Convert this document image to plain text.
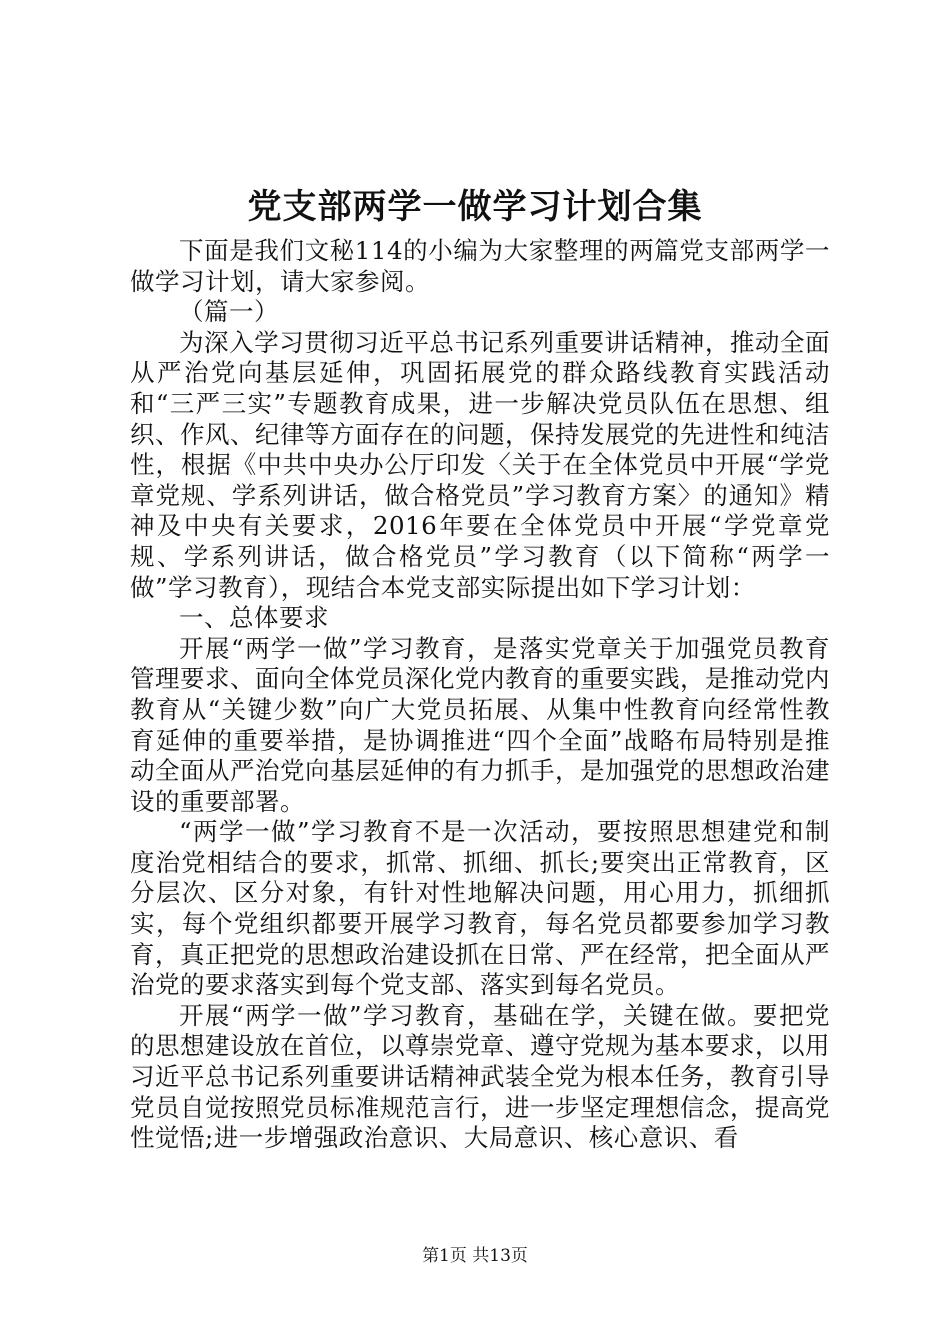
党支部两学一做学习计划合集

下面是我们文秘114的小编为大家整理的两篇党支部两学一做学习计划，请大家参阅。

（篇一）

为深入学习贯彻习近平总书记系列重要讲话精神，推动全面从严治党向基层延伸，巩固拓展党的群众路线教育实践活动和“三严三实”专题教育成果，进一步解决党员队伍在思想、组织、作风、纪律等方面存在的问题，保持发展党的先进性和纯洁性，根据《中共中央办公厅印发〈关于在全体党员中开展“学党章党规、学系列讲话，做合格党员”学习教育方案〉的通知》精神及中央有关要求，2016年要在全体党员中开展“学党章党规、学系列讲话，做合格党员”学习教育（以下简称“两学一做”学习教育），现结合本党支部实际提出如下学习计划：

一、总体要求

开展“两学一做”学习教育，是落实党章关于加强党员教育管理要求、面向全体党员深化党内教育的重要实践，是推动党内教育从“关键少数”向广大党员拓展、从集中性教育向经常性教育延伸的重要举措，是协调推进“四个全面”战略布局特别是推动全面从严治党向基层延伸的有力抓手，是加强党的思想政治建设的重要部署。

“两学一做”学习教育不是一次活动，要按照思想建党和制度治党相结合的要求，抓常、抓细、抓长;要突出正常教育，区分层次、区分对象，有针对性地解决问题，用心用力，抓细抓实，每个党组织都要开展学习教育，每名党员都要参加学习教育，真正把党的思想政治建设抓在日常、严在经常，把全面从严治党的要求落实到每个党支部、落实到每名党员。

开展“两学一做”学习教育，基础在学，关键在做。要把党的思想建设放在首位，以尊崇党章、遵守党规为基本要求，以用习近平总书记系列重要讲话精神武装全党为根本任务，教育引导党员自觉按照党员标准规范言行，进一步坚定理想信念，提高党性觉悟;进一步增强政治意识、大局意识、核心意识、看

第1页 共13页
